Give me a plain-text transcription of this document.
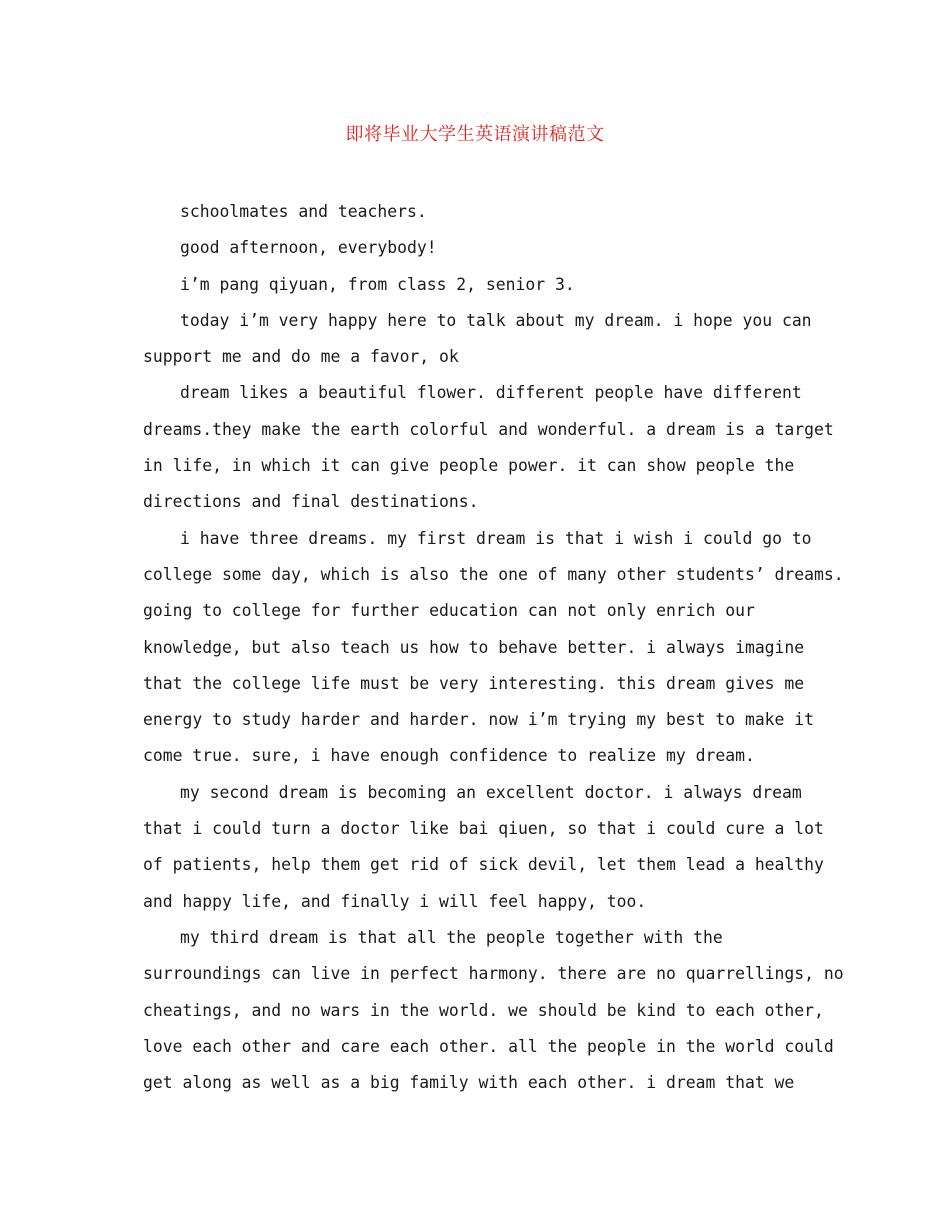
即将毕业大学生英语演讲稿范文
schoolmates and teachers.
good afternoon, everybody!
i’m pang qiyuan, from class 2, senior 3.
today i’m very happy here to talk about my dream. i hope you can
support me and do me a favor, ok
dream likes a beautiful flower. different people have different
dreams.they make the earth colorful and wonderful. a dream is a target
in life, in which it can give people power. it can show people the
directions and final destinations.
i have three dreams. my first dream is that i wish i could go to
college some day, which is also the one of many other students’ dreams.
going to college for further education can not only enrich our
knowledge, but also teach us how to behave better. i always imagine
that the college life must be very interesting. this dream gives me
energy to study harder and harder. now i’m trying my best to make it
come true. sure, i have enough confidence to realize my dream.
my second dream is becoming an excellent doctor. i always dream
that i could turn a doctor like bai qiuen, so that i could cure a lot
of patients, help them get rid of sick devil, let them lead a healthy
and happy life, and finally i will feel happy, too.
my third dream is that all the people together with the
surroundings can live in perfect harmony. there are no quarrellings, no
cheatings, and no wars in the world. we should be kind to each other,
love each other and care each other. all the people in the world could
get along as well as a big family with each other. i dream that we
